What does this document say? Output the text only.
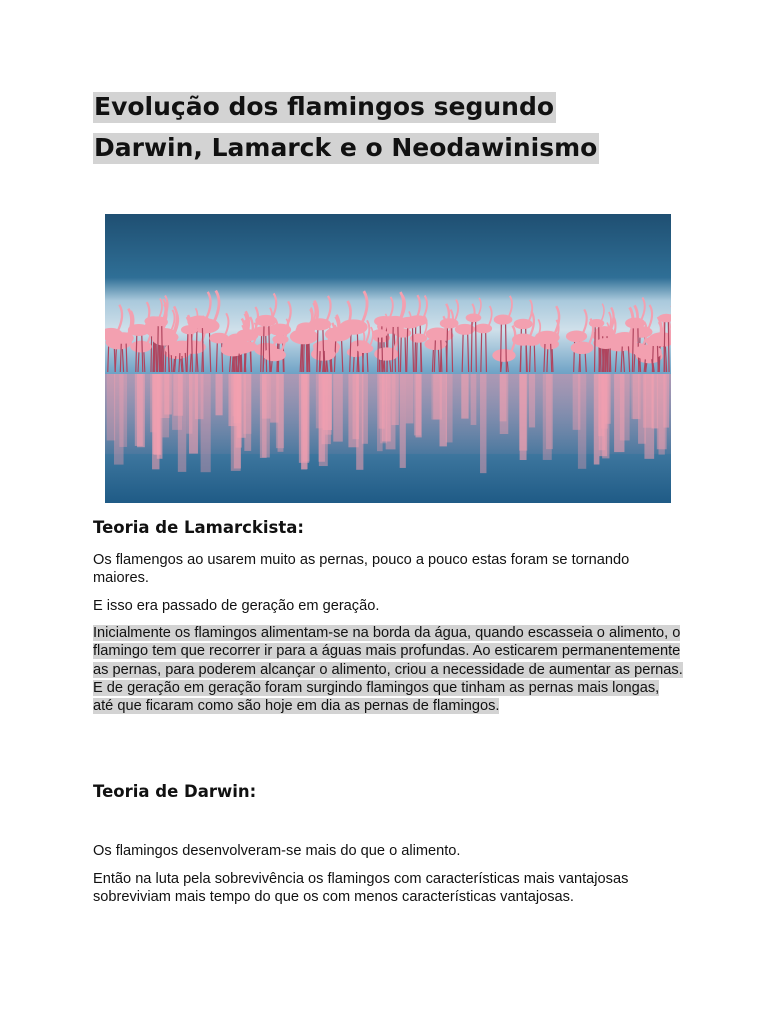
Evolução dos flamingos segundo
Darwin, Lamarck e o Neodawinismo
Teoria de Lamarckista:

Os flamengos ao usarem muito as pernas, pouco a pouco estas foram se tornando maiores.

E isso era passado de geração em geração.

Inicialmente os flamingos alimentam-se na borda da água, quando escasseia o alimento, o flamingo tem que recorrer ir para a águas mais profundas. Ao esticarem permanentemente as pernas, para poderem alcançar o alimento, criou a necessidade de aumentar as pernas. E de geração em geração foram surgindo flamingos que tinham as pernas mais longas, até que ficaram como são hoje em dia as pernas de flamingos.

Teoria de Darwin:

Os flamingos desenvolveram-se mais do que o alimento.

Então na luta pela sobrevivência os flamingos com características mais vantajosas sobreviviam mais tempo do que os com menos características vantajosas.
